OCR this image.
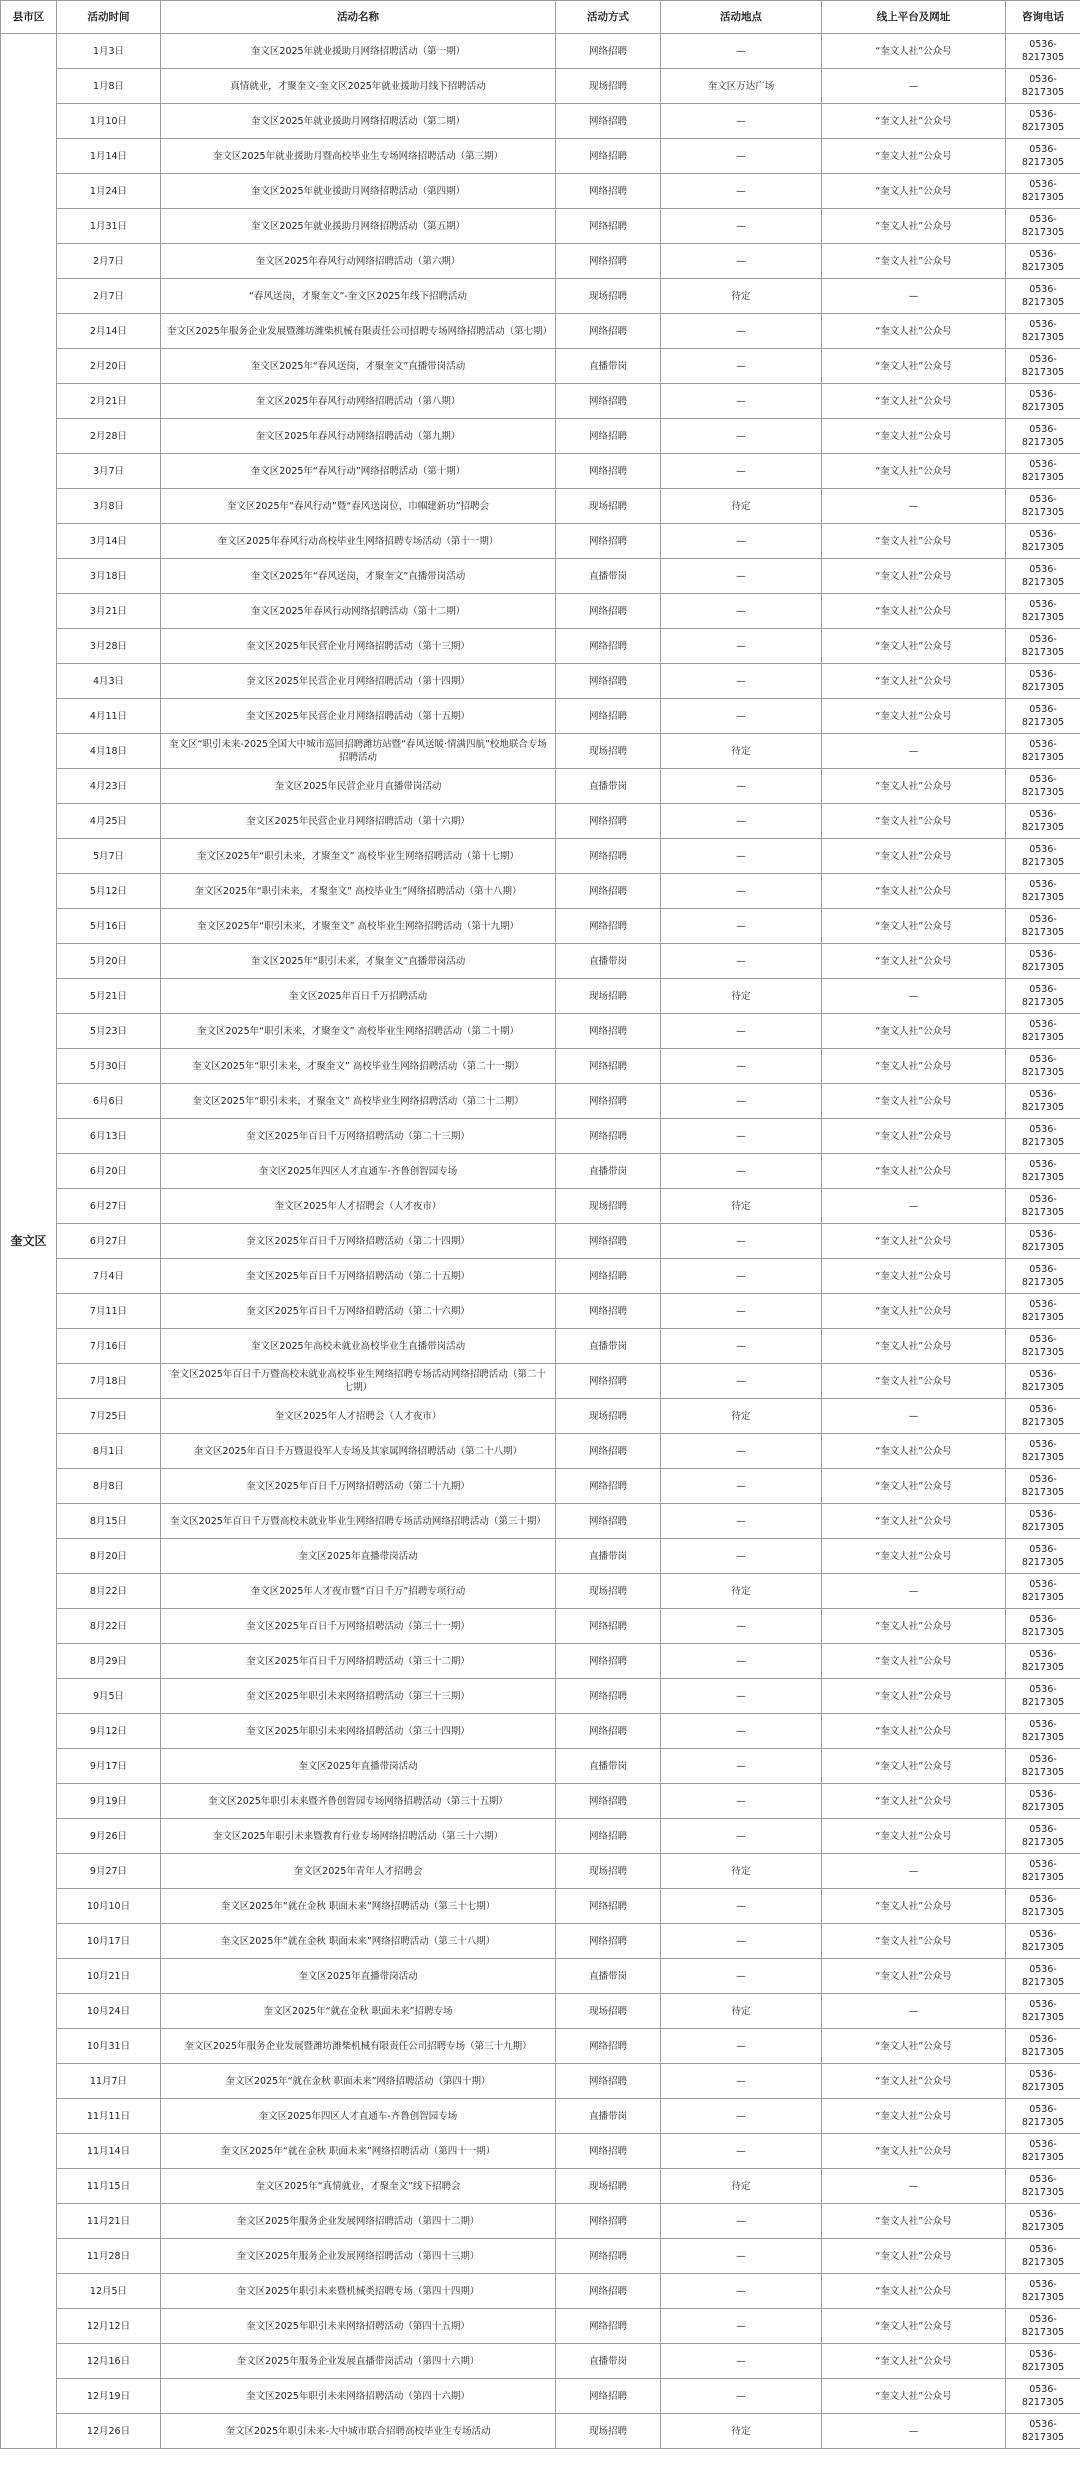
县市区	活动时间	活动名称	活动方式	活动地点	线上平台及网址	咨询电话
奎文区	1月3日	奎文区2025年就业援助月网络招聘活动（第一期）	网络招聘	—	“奎文人社”公众号	0536-8217305
	1月8日	真情就业，才聚奎文-奎文区2025年就业援助月线下招聘活动	现场招聘	奎文区万达广场	—	0536-8217305
	1月10日	奎文区2025年就业援助月网络招聘活动（第二期）	网络招聘	—	“奎文人社”公众号	0536-8217305
	1月14日	奎文区2025年就业援助月暨高校毕业生专场网络招聘活动（第三期）	网络招聘	—	“奎文人社”公众号	0536-8217305
	1月24日	奎文区2025年就业援助月网络招聘活动（第四期）	网络招聘	—	“奎文人社”公众号	0536-8217305
	1月31日	奎文区2025年就业援助月网络招聘活动（第五期）	网络招聘	—	“奎文人社”公众号	0536-8217305
	2月7日	奎文区2025年春风行动网络招聘活动（第六期）	网络招聘	—	“奎文人社”公众号	0536-8217305
	2月7日	“春风送岗，才聚奎文”-奎文区2025年线下招聘活动	现场招聘	待定	—	0536-8217305
	2月14日	奎文区2025年服务企业发展暨潍坊潍柴机械有限责任公司招聘专场网络招聘活动（第七期）	网络招聘	—	“奎文人社”公众号	0536-8217305
	2月20日	奎文区2025年“春风送岗，才聚奎文”直播带岗活动	直播带岗	—	“奎文人社”公众号	0536-8217305
	2月21日	奎文区2025年春风行动网络招聘活动（第八期）	网络招聘	—	“奎文人社”公众号	0536-8217305
	2月28日	奎文区2025年春风行动网络招聘活动（第九期）	网络招聘	—	“奎文人社”公众号	0536-8217305
	3月7日	奎文区2025年“春风行动”网络招聘活动（第十期）	网络招聘	—	“奎文人社”公众号	0536-8217305
	3月8日	奎文区2025年“春风行动”暨“春风送岗位，巾帼建新功”招聘会	现场招聘	待定	—	0536-8217305
	3月14日	奎文区2025年春风行动高校毕业生网络招聘专场活动（第十一期）	网络招聘	—	“奎文人社”公众号	0536-8217305
	3月18日	奎文区2025年“春风送岗，才聚奎文”直播带岗活动	直播带岗	—	“奎文人社”公众号	0536-8217305
	3月21日	奎文区2025年春风行动网络招聘活动（第十二期）	网络招聘	—	“奎文人社”公众号	0536-8217305
	3月28日	奎文区2025年民营企业月网络招聘活动（第十三期）	网络招聘	—	“奎文人社”公众号	0536-8217305
	4月3日	奎文区2025年民营企业月网络招聘活动（第十四期）	网络招聘	—	“奎文人社”公众号	0536-8217305
	4月11日	奎文区2025年民营企业月网络招聘活动（第十五期）	网络招聘	—	“奎文人社”公众号	0536-8217305
	4月18日	奎文区“职引未来-2025全国大中城市巡回招聘潍坊站暨“春风送暖·情满四航”校地联合专场招聘活动	现场招聘	待定	—	0536-8217305
	4月23日	奎文区2025年民营企业月直播带岗活动	直播带岗	—	“奎文人社”公众号	0536-8217305
	4月25日	奎文区2025年民营企业月网络招聘活动（第十六期）	网络招聘	—	“奎文人社”公众号	0536-8217305
	5月7日	奎文区2025年“职引未来，才聚奎文” 高校毕业生网络招聘活动（第十七期）	网络招聘	—	“奎文人社”公众号	0536-8217305
	5月12日	奎文区2025年“职引未来，才聚奎文” 高校毕业生”网络招聘活动（第十八期）	网络招聘	—	“奎文人社”公众号	0536-8217305
	5月16日	奎文区2025年“职引未来，才聚奎文” 高校毕业生网络招聘活动（第十九期）	网络招聘	—	“奎文人社”公众号	0536-8217305
	5月20日	奎文区2025年“职引未来，才聚奎文”直播带岗活动	直播带岗	—	“奎文人社”公众号	0536-8217305
	5月21日	奎文区2025年百日千万招聘活动	现场招聘	待定	—	0536-8217305
	5月23日	奎文区2025年“职引未来，才聚奎文” 高校毕业生网络招聘活动（第二十期）	网络招聘	—	“奎文人社”公众号	0536-8217305
	5月30日	奎文区2025年“职引未来，才聚奎文” 高校毕业生网络招聘活动（第二十一期）	网络招聘	—	“奎文人社”公众号	0536-8217305
	6月6日	奎文区2025年“职引未来，才聚奎文” 高校毕业生网络招聘活动（第二十二期）	网络招聘	—	“奎文人社”公众号	0536-8217305
	6月13日	奎文区2025年百日千万网络招聘活动（第二十三期）	网络招聘	—	“奎文人社”公众号	0536-8217305
	6月20日	奎文区2025年四区人才直通车-齐鲁创智园专场	直播带岗	—	“奎文人社”公众号	0536-8217305
	6月27日	奎文区2025年人才招聘会（人才夜市）	现场招聘	待定	—	0536-8217305
	6月27日	奎文区2025年百日千万网络招聘活动（第二十四期）	网络招聘	—	“奎文人社”公众号	0536-8217305
	7月4日	奎文区2025年百日千万网络招聘活动（第二十五期）	网络招聘	—	“奎文人社”公众号	0536-8217305
	7月11日	奎文区2025年百日千万网络招聘活动（第二十六期）	网络招聘	—	“奎文人社”公众号	0536-8217305
	7月16日	奎文区2025年高校未就业高校毕业生直播带岗活动	直播带岗	—	“奎文人社”公众号	0536-8217305
	7月18日	奎文区2025年百日千万暨高校未就业高校毕业生网络招聘专场活动网络招聘活动（第二十七期）	网络招聘	—	“奎文人社”公众号	0536-8217305
	7月25日	奎文区2025年人才招聘会（人才夜市）	现场招聘	待定	—	0536-8217305
	8月1日	奎文区2025年百日千万暨退役军人专场及其家属网络招聘活动（第二十八期）	网络招聘	—	“奎文人社”公众号	0536-8217305
	8月8日	奎文区2025年百日千万网络招聘活动（第二十九期）	网络招聘	—	“奎文人社”公众号	0536-8217305
	8月15日	奎文区2025年百日千万暨高校未就业毕业生网络招聘专场活动网络招聘活动（第三十期）	网络招聘	—	“奎文人社”公众号	0536-8217305
	8月20日	奎文区2025年直播带岗活动	直播带岗	—	“奎文人社”公众号	0536-8217305
	8月22日	奎文区2025年人才夜市暨“百日千万”招聘专项行动	现场招聘	待定	—	0536-8217305
	8月22日	奎文区2025年百日千万网络招聘活动（第三十一期）	网络招聘	—	“奎文人社”公众号	0536-8217305
	8月29日	奎文区2025年百日千万网络招聘活动（第三十二期）	网络招聘	—	“奎文人社”公众号	0536-8217305
	9月5日	奎文区2025年职引未来网络招聘活动（第三十三期）	网络招聘	—	“奎文人社”公众号	0536-8217305
	9月12日	奎文区2025年职引未来网络招聘活动（第三十四期）	网络招聘	—	“奎文人社”公众号	0536-8217305
	9月17日	奎文区2025年直播带岗活动	直播带岗	—	“奎文人社”公众号	0536-8217305
	9月19日	奎文区2025年职引未来暨齐鲁创智园专场网络招聘活动（第三十五期）	网络招聘	—	“奎文人社”公众号	0536-8217305
	9月26日	奎文区2025年职引未来暨教育行业专场网络招聘活动（第三十六期）	网络招聘	—	“奎文人社”公众号	0536-8217305
	9月27日	奎文区2025年青年人才招聘会	现场招聘	待定	—	0536-8217305
	10月10日	奎文区2025年“就在金秋 职面未来”网络招聘活动（第三十七期）	网络招聘	—	“奎文人社”公众号	0536-8217305
	10月17日	奎文区2025年“就在金秋 职面未来”网络招聘活动（第三十八期）	网络招聘	—	“奎文人社”公众号	0536-8217305
	10月21日	奎文区2025年直播带岗活动	直播带岗	—	“奎文人社”公众号	0536-8217305
	10月24日	奎文区2025年“就在金秋 职面未来”招聘专场	现场招聘	待定	—	0536-8217305
	10月31日	奎文区2025年服务企业发展暨潍坊潍柴机械有限责任公司招聘专场（第三十九期）	网络招聘	—	“奎文人社”公众号	0536-8217305
	11月7日	奎文区2025年“就在金秋 职面未来”网络招聘活动（第四十期）	网络招聘	—	“奎文人社”公众号	0536-8217305
	11月11日	奎文区2025年四区人才直通车-齐鲁创智园专场	直播带岗	—	“奎文人社”公众号	0536-8217305
	11月14日	奎文区2025年“就在金秋 职面未来”网络招聘活动（第四十一期）	网络招聘	—	“奎文人社”公众号	0536-8217305
	11月15日	奎文区2025年“真情就业，才聚奎文”线下招聘会	现场招聘	待定	—	0536-8217305
	11月21日	奎文区2025年服务企业发展网络招聘活动（第四十二期）	网络招聘	—	“奎文人社”公众号	0536-8217305
	11月28日	奎文区2025年服务企业发展网络招聘活动（第四十三期）	网络招聘	—	“奎文人社”公众号	0536-8217305
	12月5日	奎文区2025年职引未来暨机械类招聘专场（第四十四期）	网络招聘	—	“奎文人社”公众号	0536-8217305
	12月12日	奎文区2025年职引未来网络招聘活动（第四十五期）	网络招聘	—	“奎文人社”公众号	0536-8217305
	12月16日	奎文区2025年服务企业发展直播带岗活动（第四十六期）	直播带岗	—	“奎文人社”公众号	0536-8217305
	12月19日	奎文区2025年职引未来网络招聘活动（第四十六期）	网络招聘	—	“奎文人社”公众号	0536-8217305
	12月26日	奎文区2025年职引未来-大中城市联合招聘高校毕业生专场活动	现场招聘	待定	—	0536-8217305
